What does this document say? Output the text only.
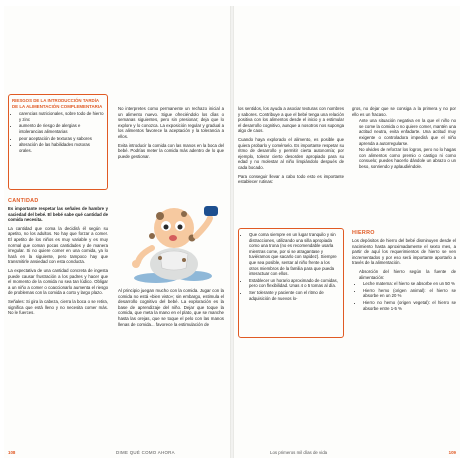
RIESGOS DE LA INTRODUCCIÓN TARDÍA DE LA ALIMENTACIÓN COMPLEMENTARIA
• carencias nutricionales, sobre todo de hierro y zinc
• aumento de riesgo de alergias e intolerancias alimentarias
• peor aceptación de texturas y sabores
• alteración de las habilidades motoras orales.
CANTIDAD

Es importante respetar las señales de hambre y saciedad del bebé. El bebé sabe qué cantidad de comida necesita.

La cantidad que coma la decidirá él según su apetito, no los adultos. No hay que forzar a comer. El apetito de los niños es muy variable y es muy normal que coman pocas cantidades y de manera irregular. Si no quiere comer en una comida, ya lo hará en la siguiente, pero tampoco hay que transmitirle ansiedad con esta conducta.

La expectativa de una cantidad concreta de ingesta puede causar frustración a los padres y hacer que el momento de la comida no sea tan lúdico. Obligar a un niño a comer o coaccionarlo aumenta el riesgo de problemas con la comida a corto y largo plazo.

Señales: Si gira la cabeza, cierra la boca o se retira, significa que está lleno y no necesita comer más. No le fuerces.

No interpretes como permanente un rechazo inicial a un alimento nuevo. Sigue ofreciéndolo los días o semanas siguientes, pero sin presionar; deja que lo explore y lo conozca. La exposición regular y gradual a los alimentos favorece la aceptación y la tolerancia a ellos.

Evita introducir la comida con las manos en la boca del bebé. Podrías meter la comida más adentro de lo que puede gestionar.

Al principio juegan mucho con la comida. Jugar con la comida no está «bien visto»; sin embargo, estimula el desarrollo cognitivo del bebé. La exploración es la base de aprendizaje del niño. Dejar que toque la comida, que meta la mano en el plato, que se manche hasta las orejas, que se toque el pelo con las manos llenas de comida... favorece la estimulación de
108	DIME QUÉ COMO AHORA

los sentidos, los ayuda a asociar texturas con nombres y sabores. Contribuye a que el bebé tenga una relación positiva con los alimentos desde el inicio y a estimular el desarrollo cognitivo, aunque a nosotros nos suponga algo de caos.

Cuando haya explorado el alimento, es posible que quiera probarlo y comérselo. Es importante respetar su ritmo de desarrollo y permitir cierta autonomía; por ejemplo, tolerar cierto desorden apropiado para su edad y no molestar al niño limpiándolo después de cada bocado.

Para conseguir llevar a cabo todo esto es importante establecer rutinas:

• Que coma siempre en un lugar tranquilo y sin distracciones, utilizando una silla apropiada como una trona (no es recomendable usarla mientras come, por si se atragantase y tuviéramos que sacarlo con rapidez). Siempre que sea posible, sentar al niño frente a los otros miembros de la familia para que pueda interactuar con ellos.
• Establecer un horario aproximado de comidas, pero con flexibilidad. Unas 4 o 5 tomas al día.
• Ser tolerante y paciente con el ritmo de adquisición de nuevos lo-
gros, no dejar que se consiga a la primera y no por ello es un fracaso.
• Ante una situación negativa en la que el niño no se come la comida o no quiere comer, mantén una actitud neutra, evita enfadarte. Una actitud muy exigente o controladora impedirá que el niño aprenda a autorregularse.
• No olvides de reforzar los logros, pero no lo hagas con alimentos como premio o castigo ni como consuelo; puedes hacerlo dándole un abrazo o un beso, sonriendo y aplaudiéndole.
HIERRO

Los depósitos de hierro del bebé disminuyen desde el nacimiento hasta aproximadamente el sexto mes, a partir de aquí los requerimientos de hierro se ven incrementados y por eso será importante aportarlo a través de la alimentación.

• Absorción del hierro según la fuente de alimentación:
• Leche materna: el hierro se absorbe en un 50 %
• Hierro hemo (origen animal): el hierro se absorbe en un 20 %
• Hierro no hemo (origen vegetal): el hierro se absorbe entre 1-5 %
Los primeros mil días de vida	109
